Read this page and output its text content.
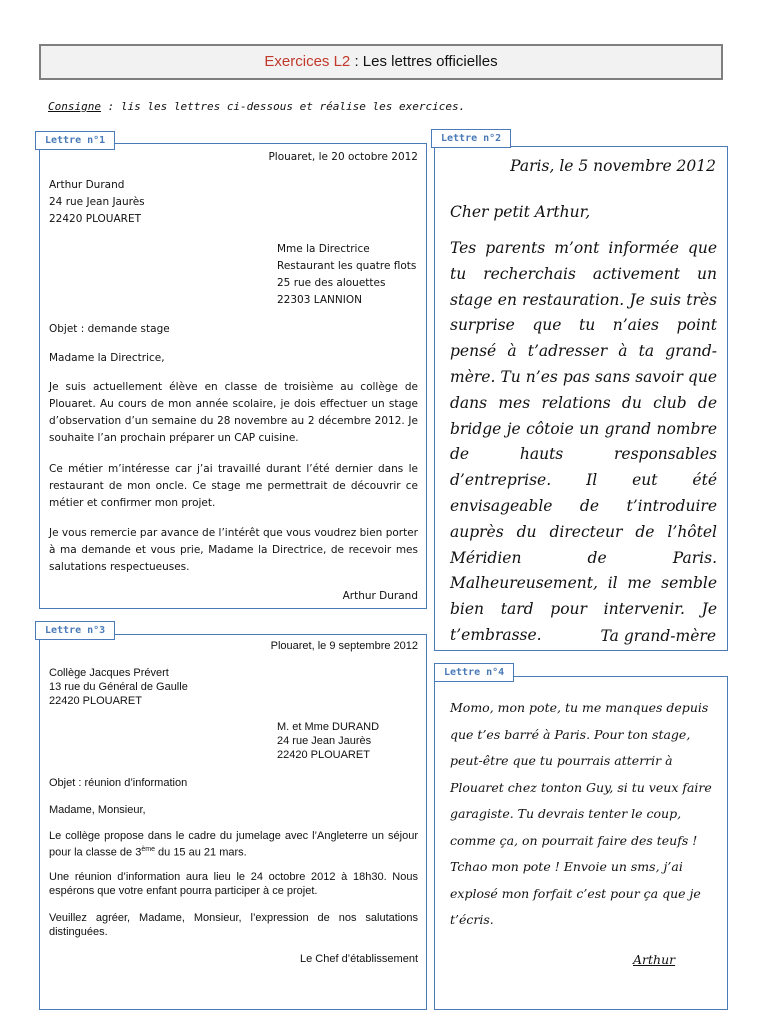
Exercices L2 : Les lettres officielles
Consigne : lis les lettres ci-dessous et réalise les exercices.
Lettre n°1
Plouaret, le 20 octobre 2012
Arthur Durand
24 rue Jean Jaurès
22420 PLOUARET
Mme la Directrice
Restaurant les quatre flots
25 rue des alouettes
22303 LANNION
Objet : demande stage
Madame la Directrice,
Je suis actuellement élève en classe de troisième au collège de Plouaret. Au cours de mon année scolaire, je dois effectuer un stage d’observation d’un semaine du 28 novembre au 2 décembre 2012. Je souhaite l’an prochain préparer un CAP cuisine.
Ce métier m’intéresse car j’ai travaillé durant l’été dernier dans le restaurant de mon oncle. Ce stage me permettrait de découvrir ce métier et confirmer mon projet.
Je vous remercie par avance de l’intérêt que vous voudrez bien porter à ma demande et vous prie, Madame la Directrice, de recevoir mes salutations respectueuses.
Arthur Durand
Lettre n°2
Paris, le 5 novembre 2012
Cher petit Arthur,
Tes parents m’ont informée que tu recherchais activement un stage en restauration. Je suis très surprise que tu n’aies point pensé à t’adresser à ta grand-mère. Tu n’es pas sans savoir que dans mes relations du club de bridge je côtoie un grand nombre de hauts responsables d’entreprise. Il eut été envisageable de t’introduire auprès du directeur de l’hôtel Méridien de Paris. Malheureusement, il me semble bien tard pour intervenir. Je t’embrasse.	Ta grand-mère
Lettre n°3
Plouaret, le 9 septembre 2012
Collège Jacques Prévert
13 rue du Général de Gaulle
22420 PLOUARET
M. et Mme DURAND
24 rue Jean Jaurès
22420 PLOUARET
Objet : réunion d’information
Madame, Monsieur,
Le collège propose dans le cadre du jumelage avec l’Angleterre un séjour pour la classe de 3ème du 15 au 21 mars.
Une réunion d’information aura lieu le 24 octobre 2012 à 18h30. Nous espérons que votre enfant pourra participer à ce projet.
Veuillez agréer, Madame, Monsieur, l’expression de nos salutations distinguées.
Le Chef d’établissement
Lettre n°4
Momo, mon pote, tu me manques depuis que t’es barré à Paris. Pour ton stage, peut-être que tu pourrais atterrir à Plouaret chez tonton Guy, si tu veux faire garagiste. Tu devrais tenter le coup, comme ça, on pourrait faire des teufs ! Tchao mon pote ! Envoie un sms, j’ai explosé mon forfait c’est pour ça que je t’écris.
Arthur
